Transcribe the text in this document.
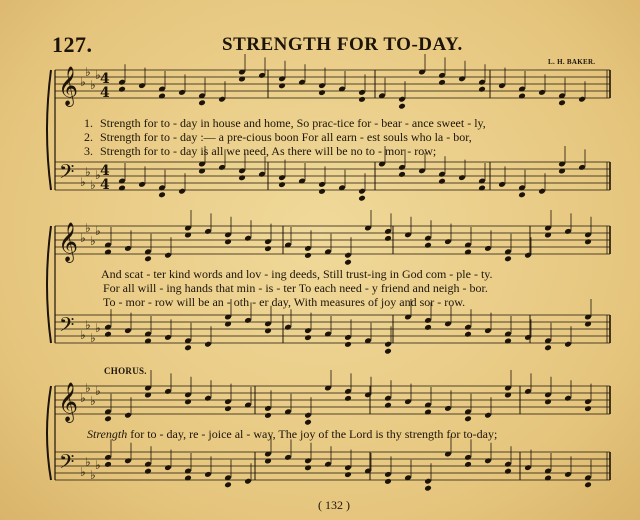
127.	STRENGTH FOR TO-DAY.
L. H. BAKER.
𝄞
𝄢
♭
♭
♭
♭
♭
♭
♭
♭
4
4
4
4
𝄞
𝄢
♭
♭
♭
♭
♭
♭
♭
♭
𝄞
𝄢
♭
♭
♭
♭
♭
♭
♭
♭
1. Strength for to - day in house and home, So prac-tice for - bear - ance sweet - ly,
2. Strength for to - day :— a pre-cious boon For all earn - est souls who la - bor,
3. Strength for to - day is all we need, As there will be no to - mor - row;
And scat - ter kind words and lov - ing deeds, Still trust-ing in God com - ple - ty.
For all will - ing hands that min - is - ter To each need - y friend and neigh - bor.
To - mor - row will be an - oth - er day, With measures of joy and sor - row.
CHORUS.
Strength for to - day, re - joice al - way, The joy of the Lord is thy strength for to-day;
( 132 )
